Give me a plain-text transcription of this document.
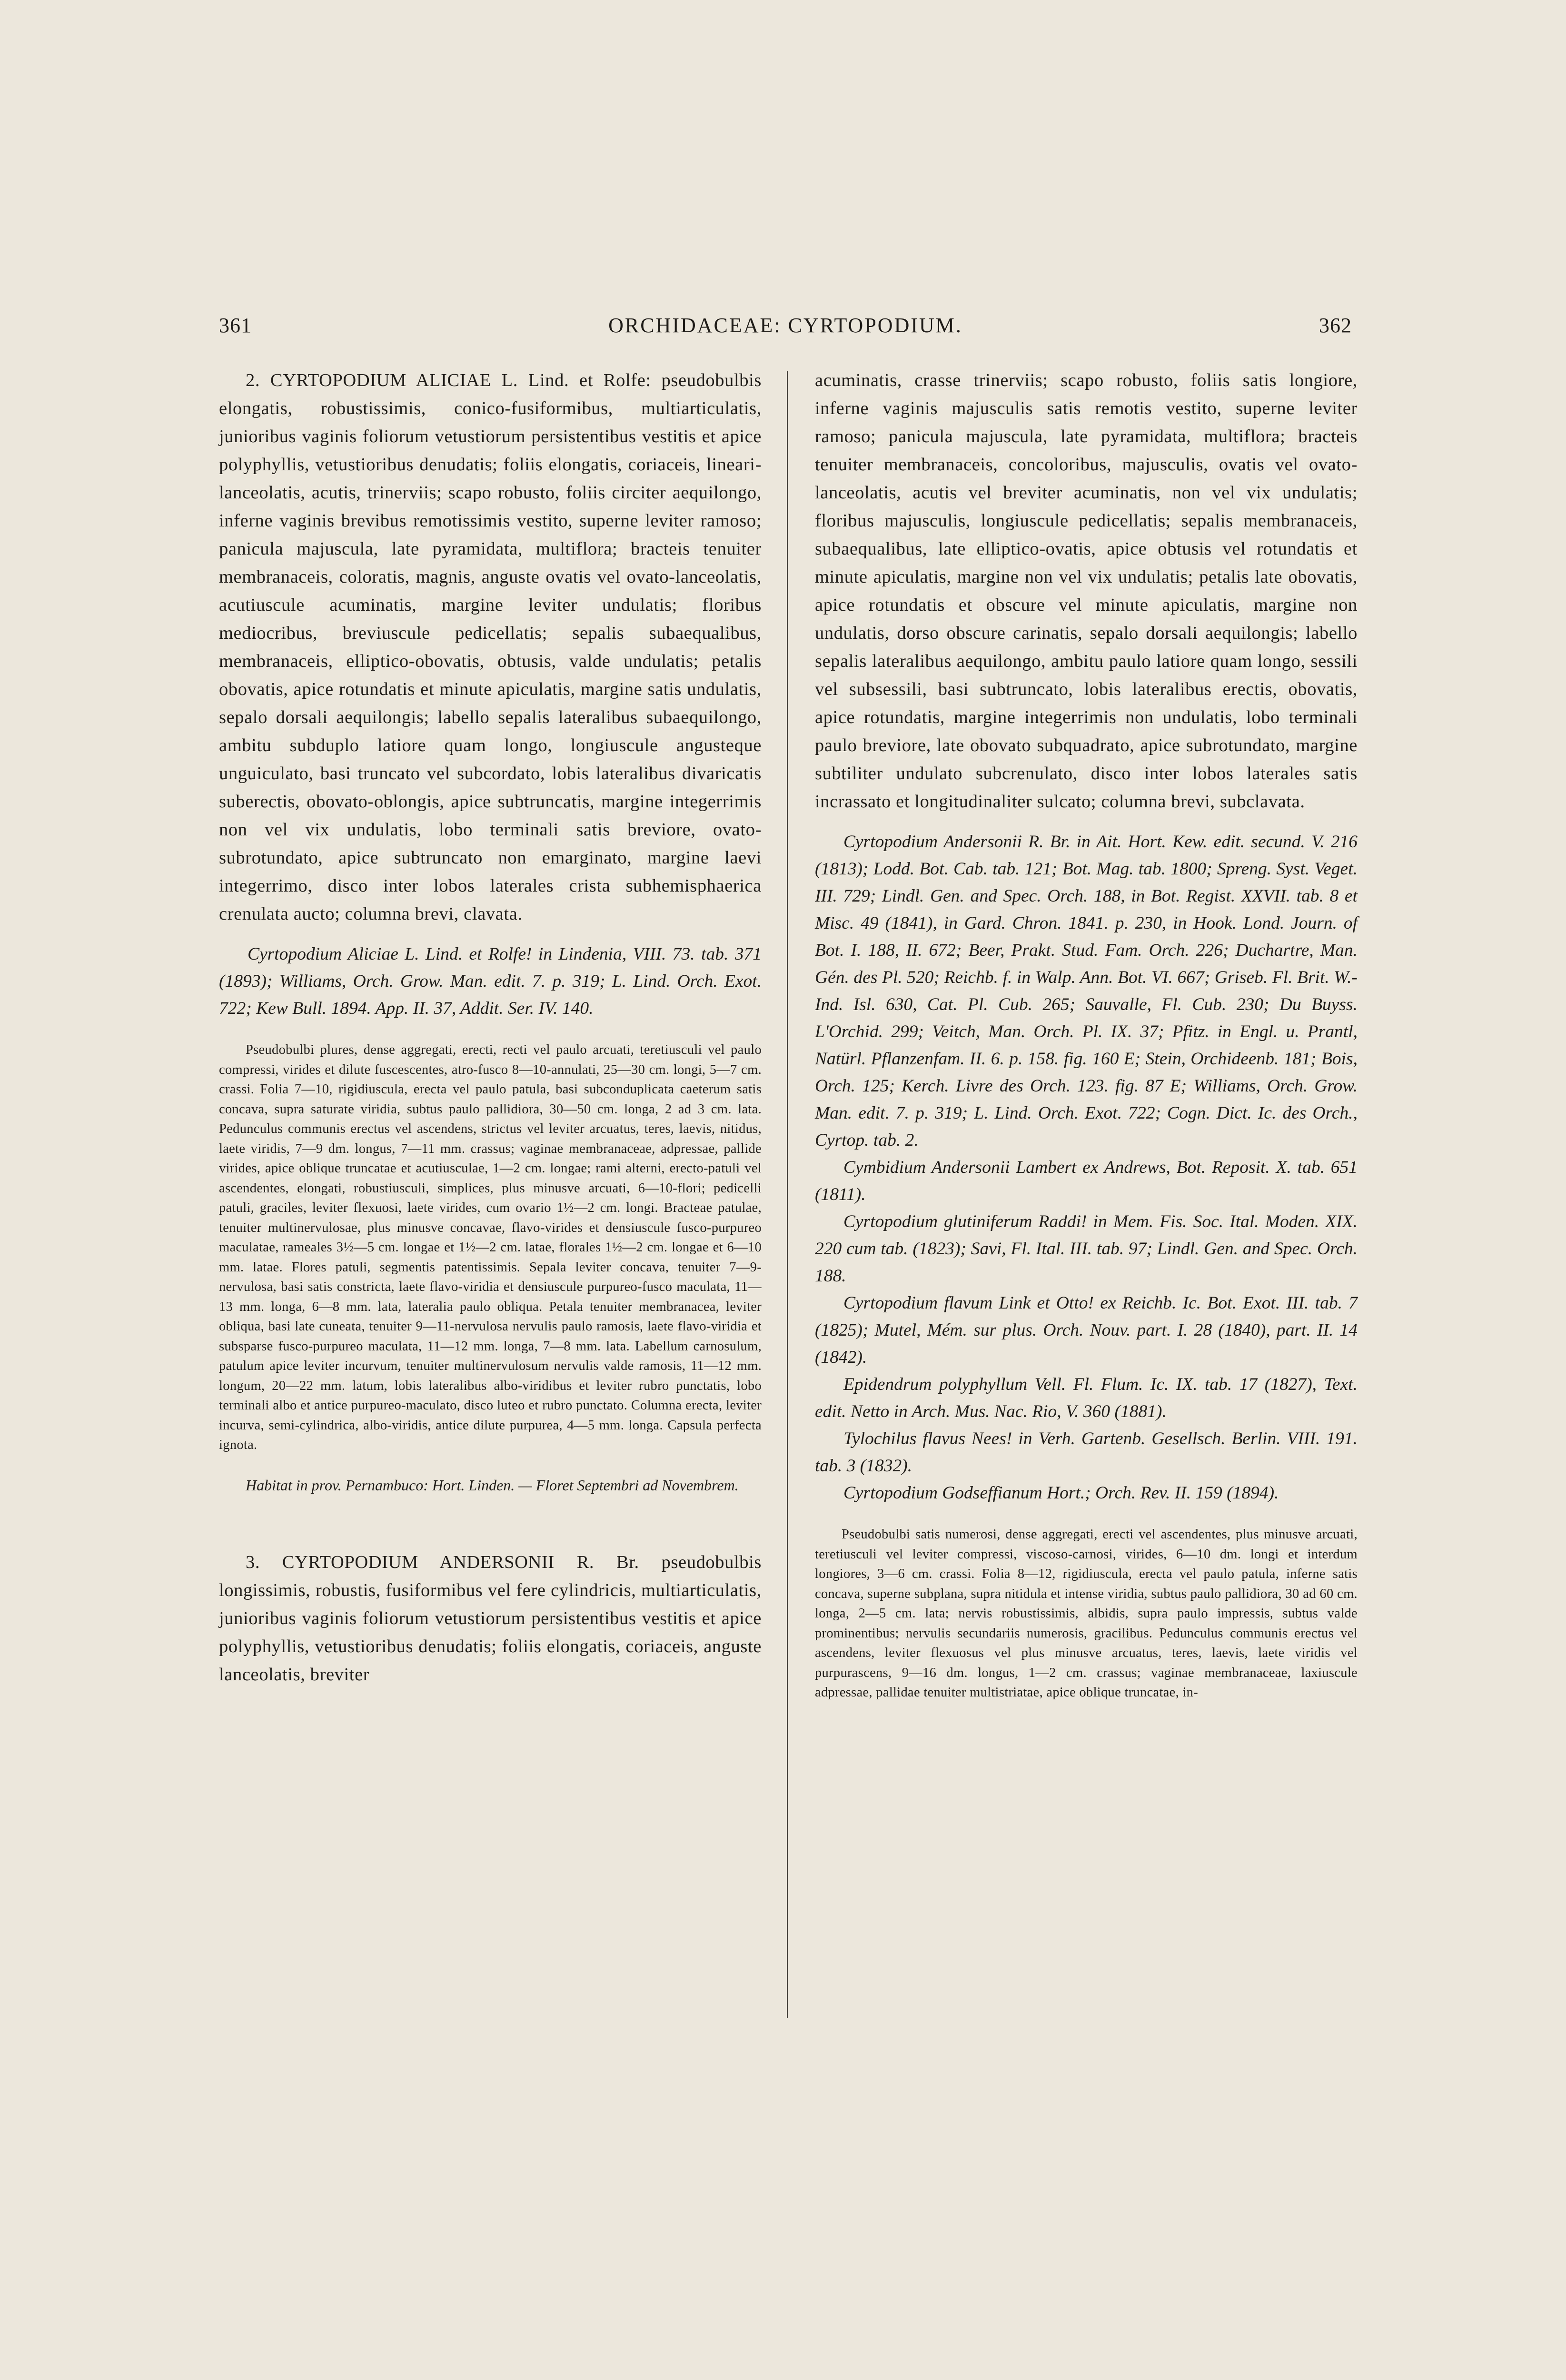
361	ORCHIDACEAE: CYRTOPODIUM.	362

2. CYRTOPODIUM ALICIAE L. Lind. et Rolfe: pseudobulbis elongatis, robustissimis, conico-fusiformibus, multiarticulatis, junioribus vaginis foliorum vetustiorum persistentibus vestitis et apice polyphyllis, vetustioribus denudatis; foliis elongatis, coriaceis, lineari-lanceolatis, acutis, trinerviis; scapo robusto, foliis circiter aequilongo, inferne vaginis brevibus remotissimis vestito, superne leviter ramoso; panicula majuscula, late pyramidata, multiflora; bracteis tenuiter membranaceis, coloratis, magnis, anguste ovatis vel ovato-lanceolatis, acutiuscule acuminatis, margine leviter undulatis; floribus mediocribus, breviuscule pedicellatis; sepalis subaequalibus, membranaceis, elliptico-obovatis, obtusis, valde undulatis; petalis obovatis, apice rotundatis et minute apiculatis, margine satis undulatis, sepalo dorsali aequilongis; labello sepalis lateralibus subaequilongo, ambitu subduplo latiore quam longo, longiuscule angusteque unguiculato, basi truncato vel subcordato, lobis lateralibus divaricatis suberectis, obovato-oblongis, apice subtruncatis, margine integerrimis non vel vix undulatis, lobo terminali satis breviore, ovato-subrotundato, apice subtruncato non emarginato, margine laevi integerrimo, disco inter lobos laterales crista subhemisphaerica crenulata aucto; columna brevi, clavata.

Cyrtopodium Aliciae L. Lind. et Rolfe! in Lindenia, VIII. 73. tab. 371 (1893); Williams, Orch. Grow. Man. edit. 7. p. 319; L. Lind. Orch. Exot. 722; Kew Bull. 1894. App. II. 37, Addit. Ser. IV. 140.

Pseudobulbi plures, dense aggregati, erecti, recti vel paulo arcuati, teretiusculi vel paulo compressi, virides et dilute fuscescentes, atro-fusco 8—10-annulati, 25—30 cm. longi, 5—7 cm. crassi. Folia 7—10, rigidiuscula, erecta vel paulo patula, basi subconduplicata caeterum satis concava, supra saturate viridia, subtus paulo pallidiora, 30—50 cm. longa, 2 ad 3 cm. lata. Pedunculus communis erectus vel ascendens, strictus vel leviter arcuatus, teres, laevis, nitidus, laete viridis, 7—9 dm. longus, 7—11 mm. crassus; vaginae membranaceae, adpressae, pallide virides, apice oblique truncatae et acutiusculae, 1—2 cm. longae; rami alterni, erecto-patuli vel ascendentes, elongati, robustiusculi, simplices, plus minusve arcuati, 6—10-flori; pedicelli patuli, graciles, leviter flexuosi, laete virides, cum ovario 1½—2 cm. longi. Bracteae patulae, tenuiter multinervulosae, plus minusve concavae, flavo-virides et densiuscule fusco-purpureo maculatae, rameales 3½—5 cm. longae et 1½—2 cm. latae, florales 1½—2 cm. longae et 6—10 mm. latae. Flores patuli, segmentis patentissimis. Sepala leviter concava, tenuiter 7—9-nervulosa, basi satis constricta, laete flavo-viridia et densiuscule purpureo-fusco maculata, 11—13 mm. longa, 6—8 mm. lata, lateralia paulo obliqua. Petala tenuiter membranacea, leviter obliqua, basi late cuneata, tenuiter 9—11-nervulosa nervulis paulo ramosis, laete flavo-viridia et subsparse fusco-purpureo maculata, 11—12 mm. longa, 7—8 mm. lata. Labellum carnosulum, patulum apice leviter incurvum, tenuiter multinervulosum nervulis valde ramosis, 11—12 mm. longum, 20—22 mm. latum, lobis lateralibus albo-viridibus et leviter rubro punctatis, lobo terminali albo et antice purpureo-maculato, disco luteo et rubro punctato. Columna erecta, leviter incurva, semi-cylindrica, albo-viridis, antice dilute purpurea, 4—5 mm. longa. Capsula perfecta ignota.

Habitat in prov. Pernambuco: Hort. Linden. — Floret Septembri ad Novembrem.

3. CYRTOPODIUM ANDERSONII R. Br. pseudobulbis longissimis, robustis, fusiformibus vel fere cylindricis, multiarticulatis, junioribus vaginis foliorum vetustiorum persistentibus vestitis et apice polyphyllis, vetustioribus denudatis; foliis elongatis, coriaceis, anguste lanceolatis, breviter

acuminatis, crasse trinerviis; scapo robusto, foliis satis longiore, inferne vaginis majusculis satis remotis vestito, superne leviter ramoso; panicula majuscula, late pyramidata, multiflora; bracteis tenuiter membranaceis, concoloribus, majusculis, ovatis vel ovato-lanceolatis, acutis vel breviter acuminatis, non vel vix undulatis; floribus majusculis, longiuscule pedicellatis; sepalis membranaceis, subaequalibus, late elliptico-ovatis, apice obtusis vel rotundatis et minute apiculatis, margine non vel vix undulatis; petalis late obovatis, apice rotundatis et obscure vel minute apiculatis, margine non undulatis, dorso obscure carinatis, sepalo dorsali aequilongis; labello sepalis lateralibus aequilongo, ambitu paulo latiore quam longo, sessili vel subsessili, basi subtruncato, lobis lateralibus erectis, obovatis, apice rotundatis, margine integerrimis non undulatis, lobo terminali paulo breviore, late obovato subquadrato, apice subrotundato, margine subtiliter undulato subcrenulato, disco inter lobos laterales satis incrassato et longitudinaliter sulcato; columna brevi, subclavata.

Cyrtopodium Andersonii R. Br. in Ait. Hort. Kew. edit. secund. V. 216 (1813); Lodd. Bot. Cab. tab. 121; Bot. Mag. tab. 1800; Spreng. Syst. Veget. III. 729; Lindl. Gen. and Spec. Orch. 188, in Bot. Regist. XXVII. tab. 8 et Misc. 49 (1841), in Gard. Chron. 1841. p. 230, in Hook. Lond. Journ. of Bot. I. 188, II. 672; Beer, Prakt. Stud. Fam. Orch. 226; Duchartre, Man. Gén. des Pl. 520; Reichb. f. in Walp. Ann. Bot. VI. 667; Griseb. Fl. Brit. W.-Ind. Isl. 630, Cat. Pl. Cub. 265; Sauvalle, Fl. Cub. 230; Du Buyss. L'Orchid. 299; Veitch, Man. Orch. Pl. IX. 37; Pfitz. in Engl. u. Prantl, Natürl. Pflanzenfam. II. 6. p. 158. fig. 160 E; Stein, Orchideenb. 181; Bois, Orch. 125; Kerch. Livre des Orch. 123. fig. 87 E; Williams, Orch. Grow. Man. edit. 7. p. 319; L. Lind. Orch. Exot. 722; Cogn. Dict. Ic. des Orch., Cyrtop. tab. 2.

Cymbidium Andersonii Lambert ex Andrews, Bot. Reposit. X. tab. 651 (1811).

Cyrtopodium glutiniferum Raddi! in Mem. Fis. Soc. Ital. Moden. XIX. 220 cum tab. (1823); Savi, Fl. Ital. III. tab. 97; Lindl. Gen. and Spec. Orch. 188.

Cyrtopodium flavum Link et Otto! ex Reichb. Ic. Bot. Exot. III. tab. 7 (1825); Mutel, Mém. sur plus. Orch. Nouv. part. I. 28 (1840), part. II. 14 (1842).

Epidendrum polyphyllum Vell. Fl. Flum. Ic. IX. tab. 17 (1827), Text. edit. Netto in Arch. Mus. Nac. Rio, V. 360 (1881).

Tylochilus flavus Nees! in Verh. Gartenb. Gesellsch. Berlin. VIII. 191. tab. 3 (1832).

Cyrtopodium Godseffianum Hort.; Orch. Rev. II. 159 (1894).

Pseudobulbi satis numerosi, dense aggregati, erecti vel ascendentes, plus minusve arcuati, teretiusculi vel leviter compressi, viscoso-carnosi, virides, 6—10 dm. longi et interdum longiores, 3—6 cm. crassi. Folia 8—12, rigidiuscula, erecta vel paulo patula, inferne satis concava, superne subplana, supra nitidula et intense viridia, subtus paulo pallidiora, 30 ad 60 cm. longa, 2—5 cm. lata; nervis robustissimis, albidis, supra paulo impressis, subtus valde prominentibus; nervulis secundariis numerosis, gracilibus. Pedunculus communis erectus vel ascendens, leviter flexuosus vel plus minusve arcuatus, teres, laevis, laete viridis vel purpurascens, 9—16 dm. longus, 1—2 cm. crassus; vaginae membranaceae, laxiuscule adpressae, pallidae tenuiter multistriatae, apice oblique truncatae, in-
